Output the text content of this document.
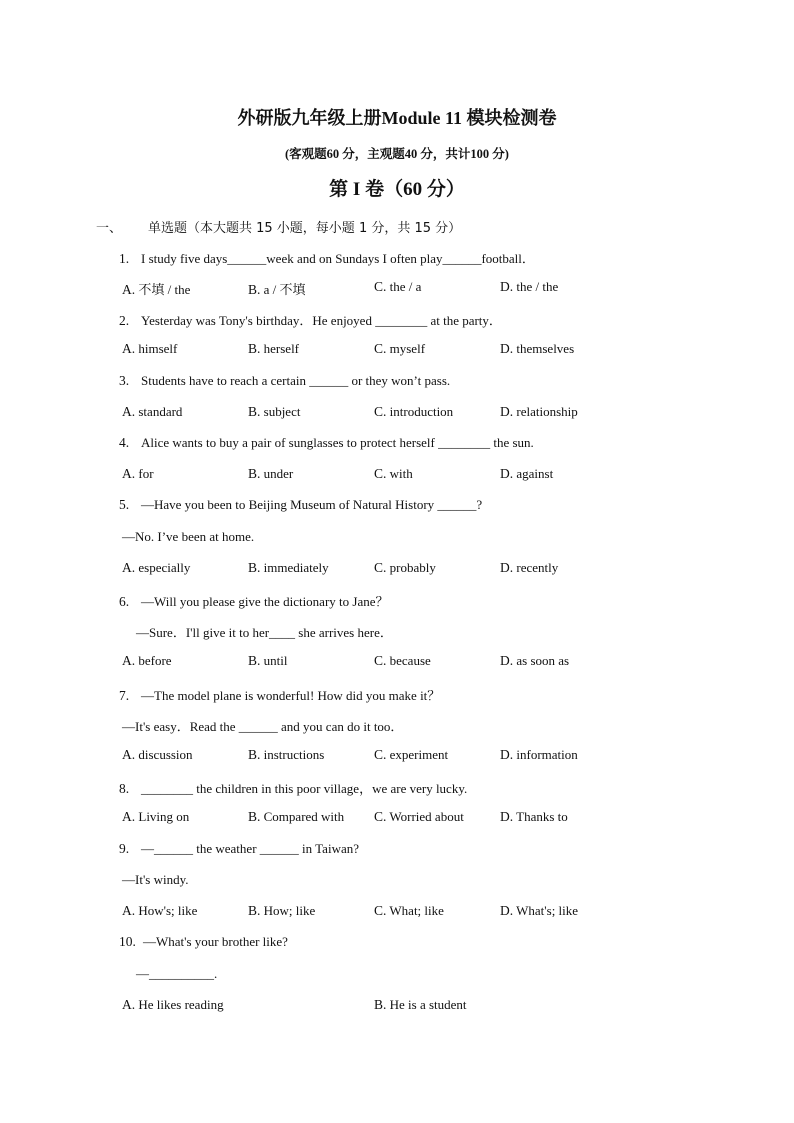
外研版九年级上册Module 11 模块检测卷
(客观题60 分，主观题40 分，共计100 分)
第 I 卷（60 分）
一、 单选题（本大题共 15 小题，每小题 1 分，共 15 分）
1. I study five days______week and on Sundays I often play______football．
A. 不填 / the	B. a / 不填	C. the / a	D. the / the
2. Yesterday was Tony's birthday．He enjoyed ________ at the party．
A. himself	B. herself	C. myself	D. themselves
3. Students have to reach a certain ______ or they won’t pass.
A. standard	B. subject	C. introduction	D. relationship
4. Alice wants to buy a pair of sunglasses to protect herself ________ the sun.
A. for	B. under	C. with	D. against
5. —Have you been to Beijing Museum of Natural History ______?
—No. I’ve been at home.
A. especially	B. immediately	C. probably	D. recently
6. —Will you please give the dictionary to Jane？
—Sure．I'll give it to her____ she arrives here．
A. before	B. until	C. because	D. as soon as
7. —The model plane is wonderful! How did you make it？
—It's easy．Read the ______ and you can do it too．
A. discussion	B. instructions	C. experiment	D. information
8. ________ the children in this poor village，we are very lucky.
A. Living on	B. Compared with C. Worried about	D. Thanks to
9. —______ the weather ______ in Taiwan?
—It's windy.
A. How's; like	B. How; like	C. What; like	D. What's; like
10. —What's your brother like?
—__________.
A. He likes reading	B. He is a student
